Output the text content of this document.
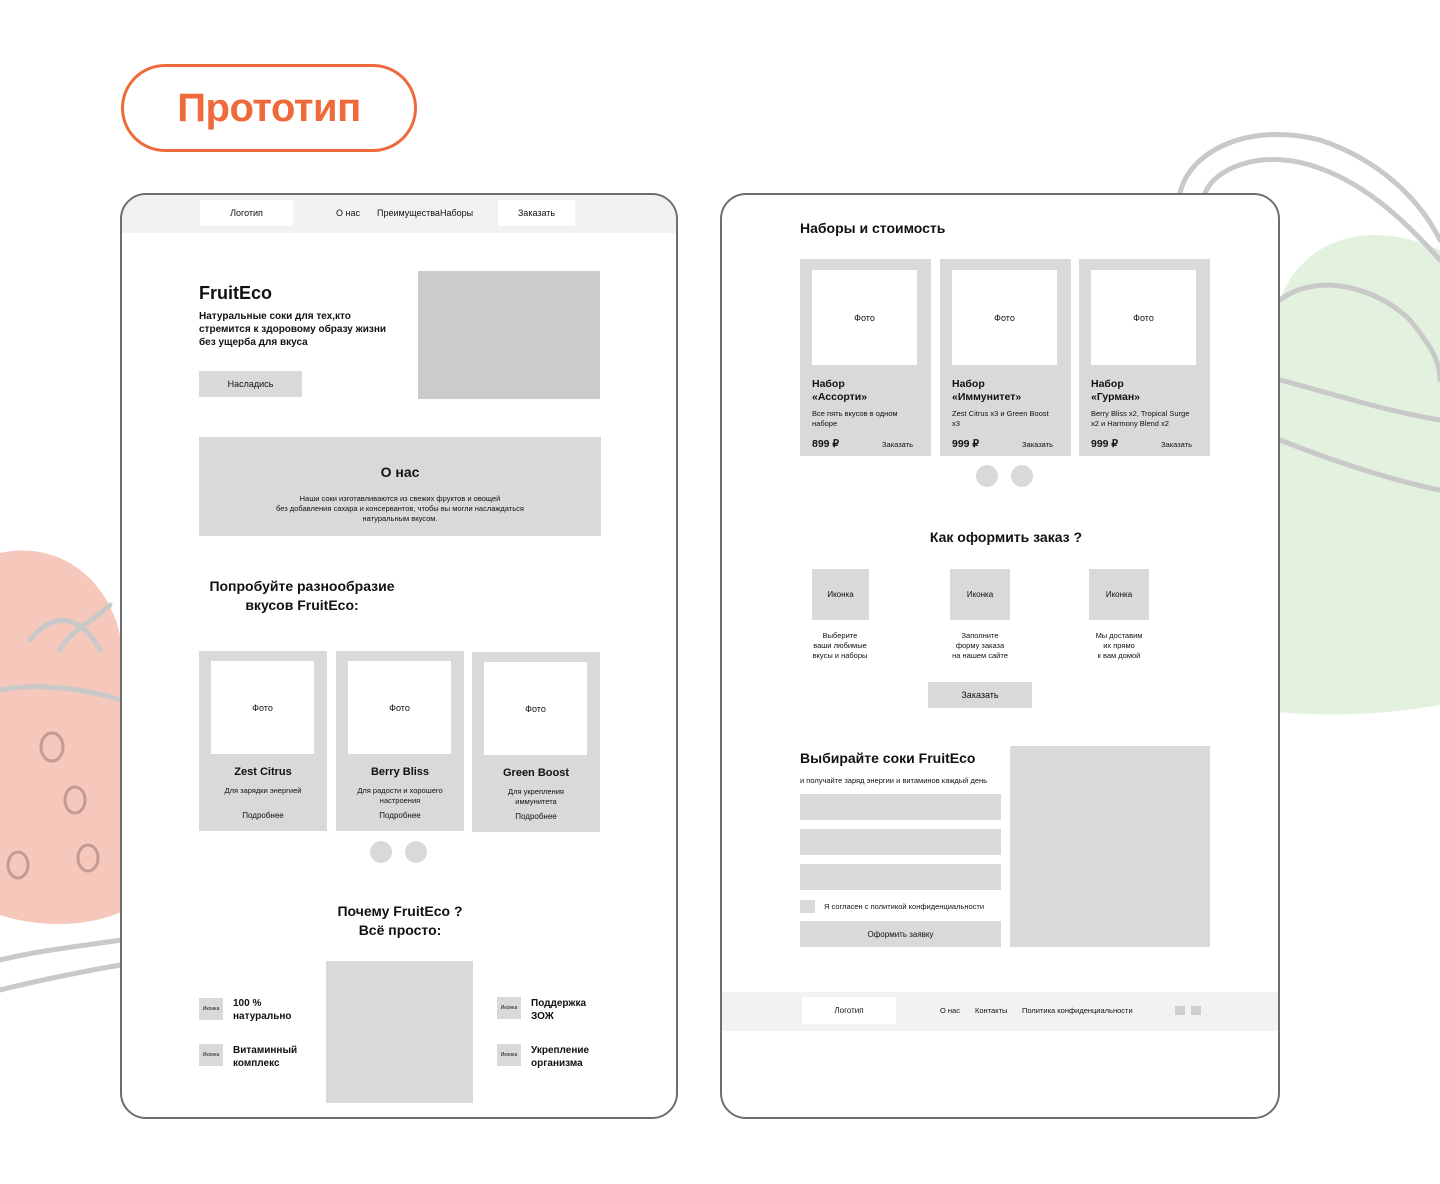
Прототип
Логотип	О нас Преимущества Наборы	Заказать
FruitEco
Натуральные соки для тех,кто
стремится к здоровому образу жизни
без ущерба для вкуса
Насладись
О нас
Наши соки изготавливаются из свежих фруктов и овощей
без добавления сахара и консервантов, чтобы вы могли наслаждаться
натуральным вкусом.
Попробуйте разнообразие
вкусов FruitEco:
Фото
Zest Citrus
Для зарядки энергией
Подробнее
Фото
Berry Bliss
Для радости и хорошего
настроения
Подробнее
Фото
Green Boost
Для укрепления
иммунитета
Подробнее
Почему FruitEco ?
Всё просто:
Иконка 100 %
натурально
Иконка Витаминный
комплекс
Иконка Поддержка
ЗОЖ
Иконка Укрепление
организма
Наборы и стоимость
Фото
Набор
«Ассорти»
Все пять вкусов в одном
наборе
899 ₽	Заказать
Фото
Набор
«Иммунитет»
Zest Citrus x3 и Green Boost
x3
999 ₽	Заказать
Фото
Набор
«Гурман»
Berry Bliss x2, Tropical Surge
x2 и Harmony Blend x2
999 ₽	Заказать
Как оформить заказ ?
Иконка
Выберите
ваши любимые
вкусы и наборы
Иконка
Заполните
форму заказа
на нашем сайте
Иконка
Мы доставим
их прямо
к вам домой
Заказать
Выбирайте соки FruitEco
и получайте заряд энергии и витаминов каждый день
Я согласен с политикой конфиденциальности
Оформить заявку
Логотип	О нас Контакты Политика конфиденциальности
